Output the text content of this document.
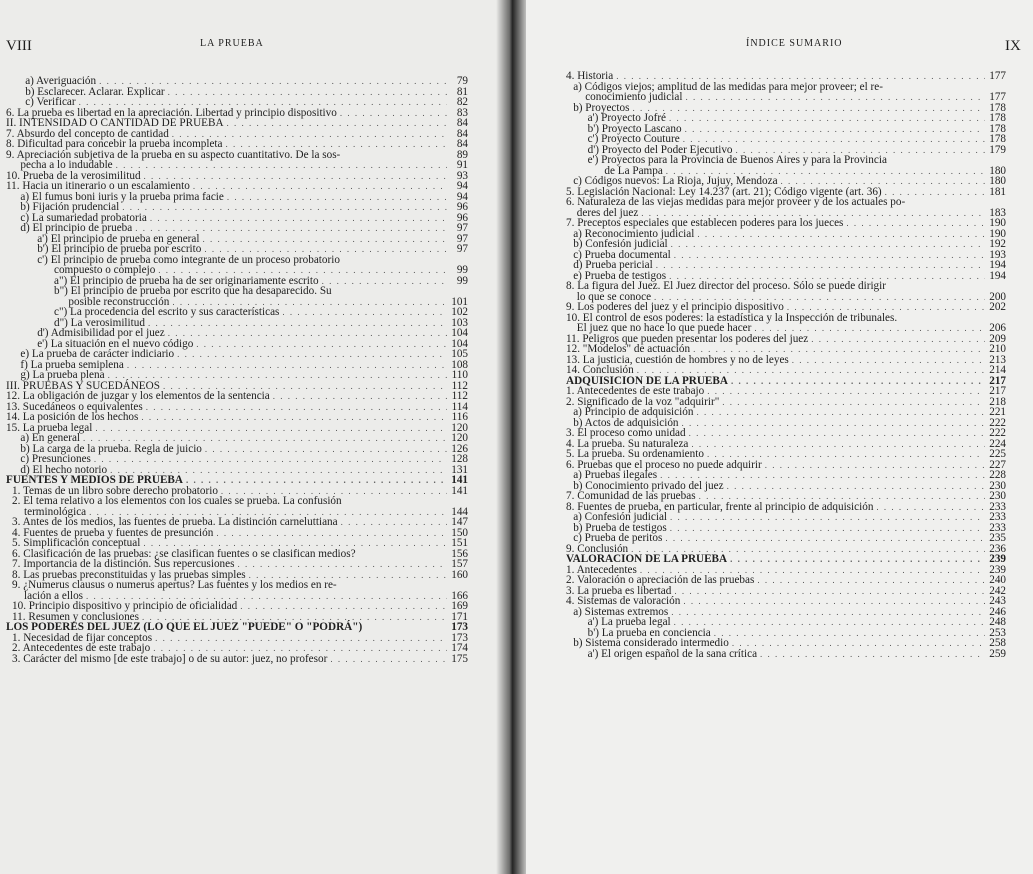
VIII	LA PRUEBA
a) Averiguación . . .	79
b) Esclarecer. Aclarar. Explicar . . .	81
c) Verificar . . .	82
6. La prueba es libertad en la apreciación. Libertad y principio dispositivo . . .	83
II. INTENSIDAD O CANTIDAD DE PRUEBA . . .	84
7. Absurdo del concepto de cantidad . . .	84
8. Dificultad para concebir la prueba incompleta . . .	84
9. Apreciación subjetiva de la prueba en su aspecto cuantitativo. De la sos-	89
pecha a lo indudable . . .	91
10. Prueba de la verosimilitud . . .	93
11. Hacia un itinerario o un escalamiento . . .	94
a) El fumus boni iuris y la prueba prima facie . . .	94
b) Fijación prudencial . . .	96
c) La sumariedad probatoria . . .	96
d) El principio de prueba . . .	97
a') El principio de prueba en general . . .	97
b') El principio de prueba por escrito . . .	97
c') El principio de prueba como integrante de un proceso probatorio
compuesto o complejo . . .	99
a") El principio de prueba ha de ser originariamente escrito . . .	99
b") El principio de prueba por escrito que ha desaparecido. Su
posible reconstrucción . . .	101
c") La procedencia del escrito y sus características . . .	102
d") La verosimilitud . . .	103
d') Admisibilidad por el juez . . .	104
e') La situación en el nuevo código . . .	104
e) La prueba de carácter indiciario . . .	105
f) La prueba semiplena . . .	108
g) La prueba plena . . .	110
III. PRUEBAS Y SUCEDÁNEOS . . .	112
12. La obligación de juzgar y los elementos de la sentencia . . .	112
13. Sucedáneos o equivalentes . . .	114
14. La posición de los hechos . . .	116
15. La prueba legal . . .	120
a) En general . . .	120
b) La carga de la prueba. Regla de juicio . . .	126
c) Presunciones . . .	128
d) El hecho notorio . . .	131
FUENTES Y MEDIOS DE PRUEBA . . .	141
1. Temas de un libro sobre derecho probatorio . . .	141
2. El tema relativo a los elementos con los cuales se prueba. La confusión
terminológica . . .	144
3. Antes de los medios, las fuentes de prueba. La distinción carneluttiana . . .	147
4. Fuentes de prueba y fuentes de presunción . . .	150
5. Simplificación conceptual . . .	151
6. Clasificación de las pruebas: ¿se clasifican fuentes o se clasifican medios?	156
7. Importancia de la distinción. Sus repercusiones . . .	157
8. Las pruebas preconstituidas y las pruebas simples . . .	160
9. ¿Numerus clausus o numerus apertus? Las fuentes y los medios en re-
lación a ellos . . .	166
10. Principio dispositivo y principio de oficialidad . . .	169
11. Resumen y conclusiones . . .	171
LOS PODERES DEL JUEZ (LO QUE EL JUEZ "PUEDE" O "PODRÁ")	173
1. Necesidad de fijar conceptos . . .	173
2. Antecedentes de este trabajo . . .	174
3. Carácter del mismo [de este trabajo] o de su autor: juez, no profesor . . .	175
ÍNDICE SUMARIO	IX
4. Historia . . .	177
a) Códigos viejos; amplitud de las medidas para mejor proveer; el re-
conocimiento judicial . . .	177
b) Proyectos . . .	178
a') Proyecto Jofré . . .	178
b') Proyecto Lascano . . .	178
c') Proyecto Couture . . .	178
d') Proyecto del Poder Ejecutivo . . .	179
e') Proyectos para la Provincia de Buenos Aires y para la Provincia
de La Pampa . . .	180
c) Códigos nuevos: La Rioja, Jujuy, Mendoza . . .	180
5. Legislación Nacional: Ley 14.237 (art. 21); Código vigente (art. 36) . . .	181
6. Naturaleza de las viejas medidas para mejor proveer y de los actuales po-
deres del juez . . .	183
7. Preceptos especiales que establecen poderes para los jueces . . .	190
a) Reconocimiento judicial . . .	190
b) Confesión judicial . . .	192
c) Prueba documental . . .	193
d) Prueba pericial . . .	194
e) Prueba de testigos . . .	194
8. La figura del Juez. El Juez director del proceso. Sólo se puede dirigir
lo que se conoce . . .	200
9. Los poderes del juez y el principio dispositivo . . .	202
10. El control de esos poderes: la estadística y la Inspección de tribunales.
El juez que no hace lo que puede hacer . . .	206
11. Peligros que pueden presentar los poderes del juez . . .	209
12. "Modelos" de actuación . . .	210
13. La justicia, cuestión de hombres y no de leyes . . .	213
14. Conclusión . . .	214
ADQUISICION DE LA PRUEBA . . .	217
1. Antecedentes de este trabajo . . .	217
2. Significado de la voz "adquirir" . . .	218
a) Principio de adquisición . . .	221
b) Actos de adquisición . . .	222
3. El proceso como unidad . . .	222
4. La prueba. Su naturaleza . . .	224
5. La prueba. Su ordenamiento . . .	225
6. Pruebas que el proceso no puede adquirir . . .	227
a) Pruebas ilegales . . .	228
b) Conocimiento privado del juez . . .	230
7. Comunidad de las pruebas . . .	230
8. Fuentes de prueba, en particular, frente al principio de adquisición . . .	233
a) Confesión judicial . . .	233
b) Prueba de testigos . . .	233
c) Prueba de peritos . . .	235
9. Conclusión . . .	236
VALORACION DE LA PRUEBA . . .	239
1. Antecedentes . . .	239
2. Valoración o apreciación de las pruebas . . .	240
3. La prueba es libertad . . .	242
4. Sistemas de valoración . . .	243
a) Sistemas extremos . . .	246
a') La prueba legal . . .	248
b') La prueba en conciencia . . .	253
b) Sistema considerado intermedio . . .	258
a') El origen español de la sana crítica . . .	259
